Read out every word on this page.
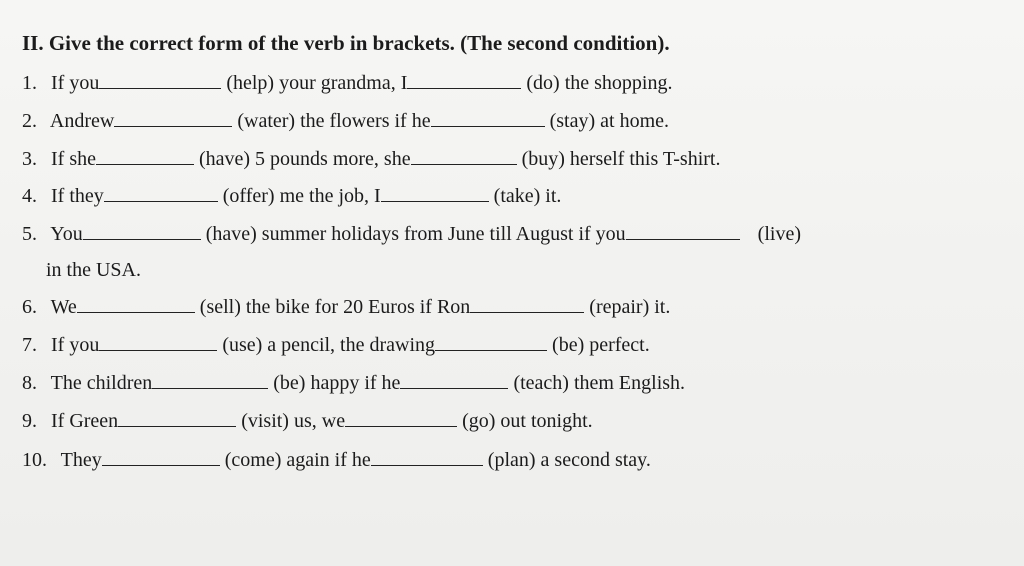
II. Give the correct form of the verb in brackets. (The second condition).
1. If you	(help) your grandma, I	(do) the shopping.
2. Andrew	(water) the flowers if he	(stay) at home.
3. If she	(have) 5 pounds more, she	(buy) herself this T-shirt.
4. If they	(offer) me the job, I	(take) it.
5. You	(have) summer holidays from June till August if you	(live)
in the USA.
6. We	(sell) the bike for 20 Euros if Ron	(repair) it.
7. If you	(use) a pencil, the drawing	(be) perfect.
8. The children	(be) happy if he	(teach) them English.
9. If Green	(visit) us, we	(go) out tonight.
10. They	(come) again if he	(plan) a second stay.
